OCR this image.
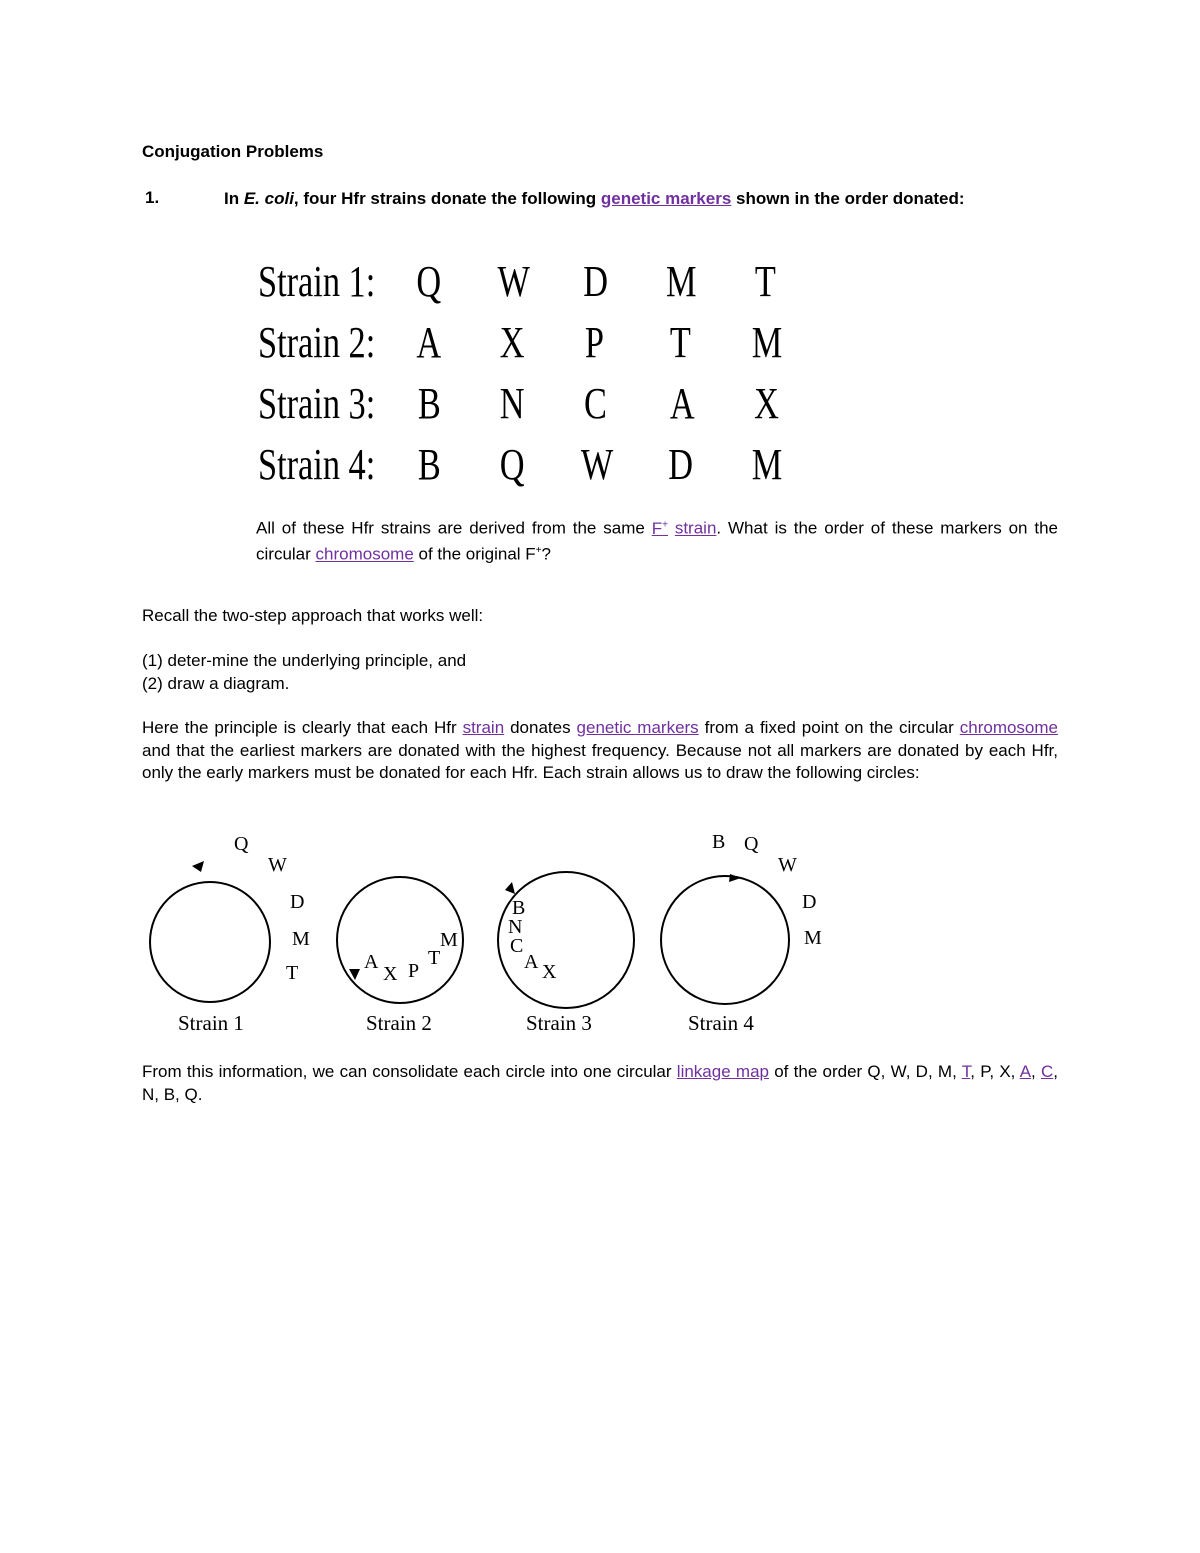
Conjugation Problems
1.	In E. coli, four Hfr strains donate the following genetic markers shown in the order donated:
Strain 1: Q W D M T
Strain 2: A X P T M
Strain 3: B N C A X
Strain 4: B Q W D M
All of these Hfr strains are derived from the same F+ strain. What is the order of these markers on the circular chromosome of the original F+?
Recall the two-step approach that works well:
(1) deter-mine the underlying principle, and
(2) draw a diagram.
Here the principle is clearly that each Hfr strain donates genetic markers from a fixed point on the circular chromosome and that the earliest markers are donated with the highest frequency. Because not all markers are donated by each Hfr, only the early markers must be donated for each Hfr. Each strain allows us to draw the following circles:
Q
W
D
M
T
Strain 1
A
X P
T
M
Strain 2
B
N
C
A X
Strain 3
B Q
W
D
M
Strain 4
From this information, we can consolidate each circle into one circular linkage map of the order Q, W, D, M, T, P, X, A, C, N, B, Q.
